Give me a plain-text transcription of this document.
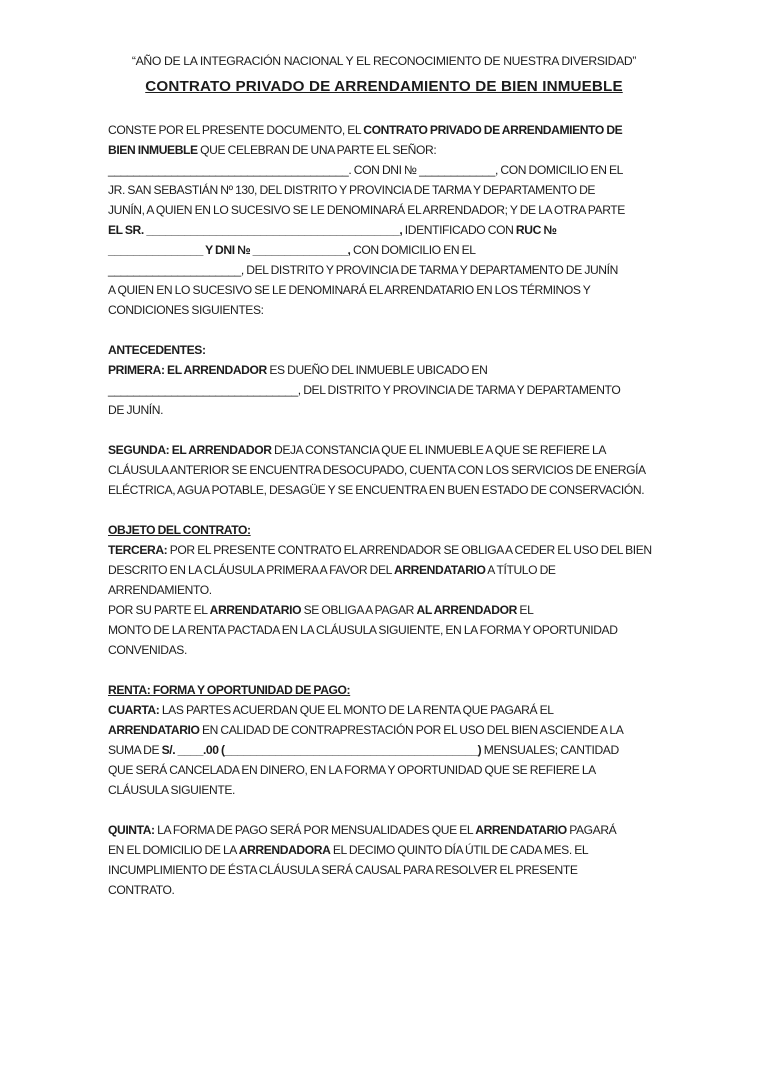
“AÑO DE LA INTEGRACIÓN NACIONAL Y EL RECONOCIMIENTO DE NUESTRA DIVERSIDAD”
CONTRATO PRIVADO DE ARRENDAMIENTO DE BIEN INMUEBLE
CONSTE POR EL PRESENTE DOCUMENTO, EL CONTRATO PRIVADO DE ARRENDAMIENTO DE
BIEN INMUEBLE QUE CELEBRAN DE UNA PARTE EL SEÑOR:
______________________________________. CON DNI № ____________, CON DOMICILIO EN EL
JR. SAN SEBASTIÁN Nº 130, DEL DISTRITO Y PROVINCIA DE TARMA Y DEPARTAMENTO DE
JUNÍN, A QUIEN EN LO SUCESIVO SE LE DENOMINARÁ EL ARRENDADOR; Y DE LA OTRA PARTE
EL SR. ________________________________________, IDENTIFICADO CON RUC №
_______________ Y DNI № _______________, CON DOMICILIO EN EL
_____________________, DEL DISTRITO Y PROVINCIA DE TARMA Y DEPARTAMENTO DE JUNÍN
A QUIEN EN LO SUCESIVO SE LE DENOMINARÁ EL ARRENDATARIO EN LOS TÉRMINOS Y
CONDICIONES SIGUIENTES:
ANTECEDENTES:
PRIMERA: EL ARRENDADOR ES DUEÑO DEL INMUEBLE UBICADO EN
______________________________, DEL DISTRITO Y PROVINCIA DE TARMA Y DEPARTAMENTO
DE JUNÍN.
SEGUNDA: EL ARRENDADOR DEJA CONSTANCIA QUE EL INMUEBLE A QUE SE REFIERE LA
CLÁUSULA ANTERIOR SE ENCUENTRA DESOCUPADO, CUENTA CON LOS SERVICIOS DE ENERGÍA
ELÉCTRICA, AGUA POTABLE, DESAGÜE Y SE ENCUENTRA EN BUEN ESTADO DE CONSERVACIÓN.
OBJETO DEL CONTRATO:
TERCERA: POR EL PRESENTE CONTRATO EL ARRENDADOR SE OBLIGA A CEDER EL USO DEL BIEN
DESCRITO EN LA CLÁUSULA PRIMERA A FAVOR DEL ARRENDATARIO A TÍTULO DE
ARRENDAMIENTO.
POR SU PARTE EL ARRENDATARIO SE OBLIGA A PAGAR AL ARRENDADOR EL
MONTO DE LA RENTA PACTADA EN LA CLÁUSULA SIGUIENTE, EN LA FORMA Y OPORTUNIDAD
CONVENIDAS.
RENTA: FORMA Y OPORTUNIDAD DE PAGO:
CUARTA: LAS PARTES ACUERDAN QUE EL MONTO DE LA RENTA QUE PAGARÁ EL
ARRENDATARIO EN CALIDAD DE CONTRAPRESTACIÓN POR EL USO DEL BIEN ASCIENDE A LA
SUMA DE S/. ____.00 (________________________________________) MENSUALES; CANTIDAD
QUE SERÁ CANCELADA EN DINERO, EN LA FORMA Y OPORTUNIDAD QUE SE REFIERE LA
CLÁUSULA SIGUIENTE.
QUINTA: LA FORMA DE PAGO SERÁ POR MENSUALIDADES QUE EL ARRENDATARIO PAGARÁ
EN EL DOMICILIO DE LA ARRENDADORA EL DECIMO QUINTO DÍA ÚTIL DE CADA MES. EL
INCUMPLIMIENTO DE ÉSTA CLÁUSULA SERÁ CAUSAL PARA RESOLVER EL PRESENTE
CONTRATO.
